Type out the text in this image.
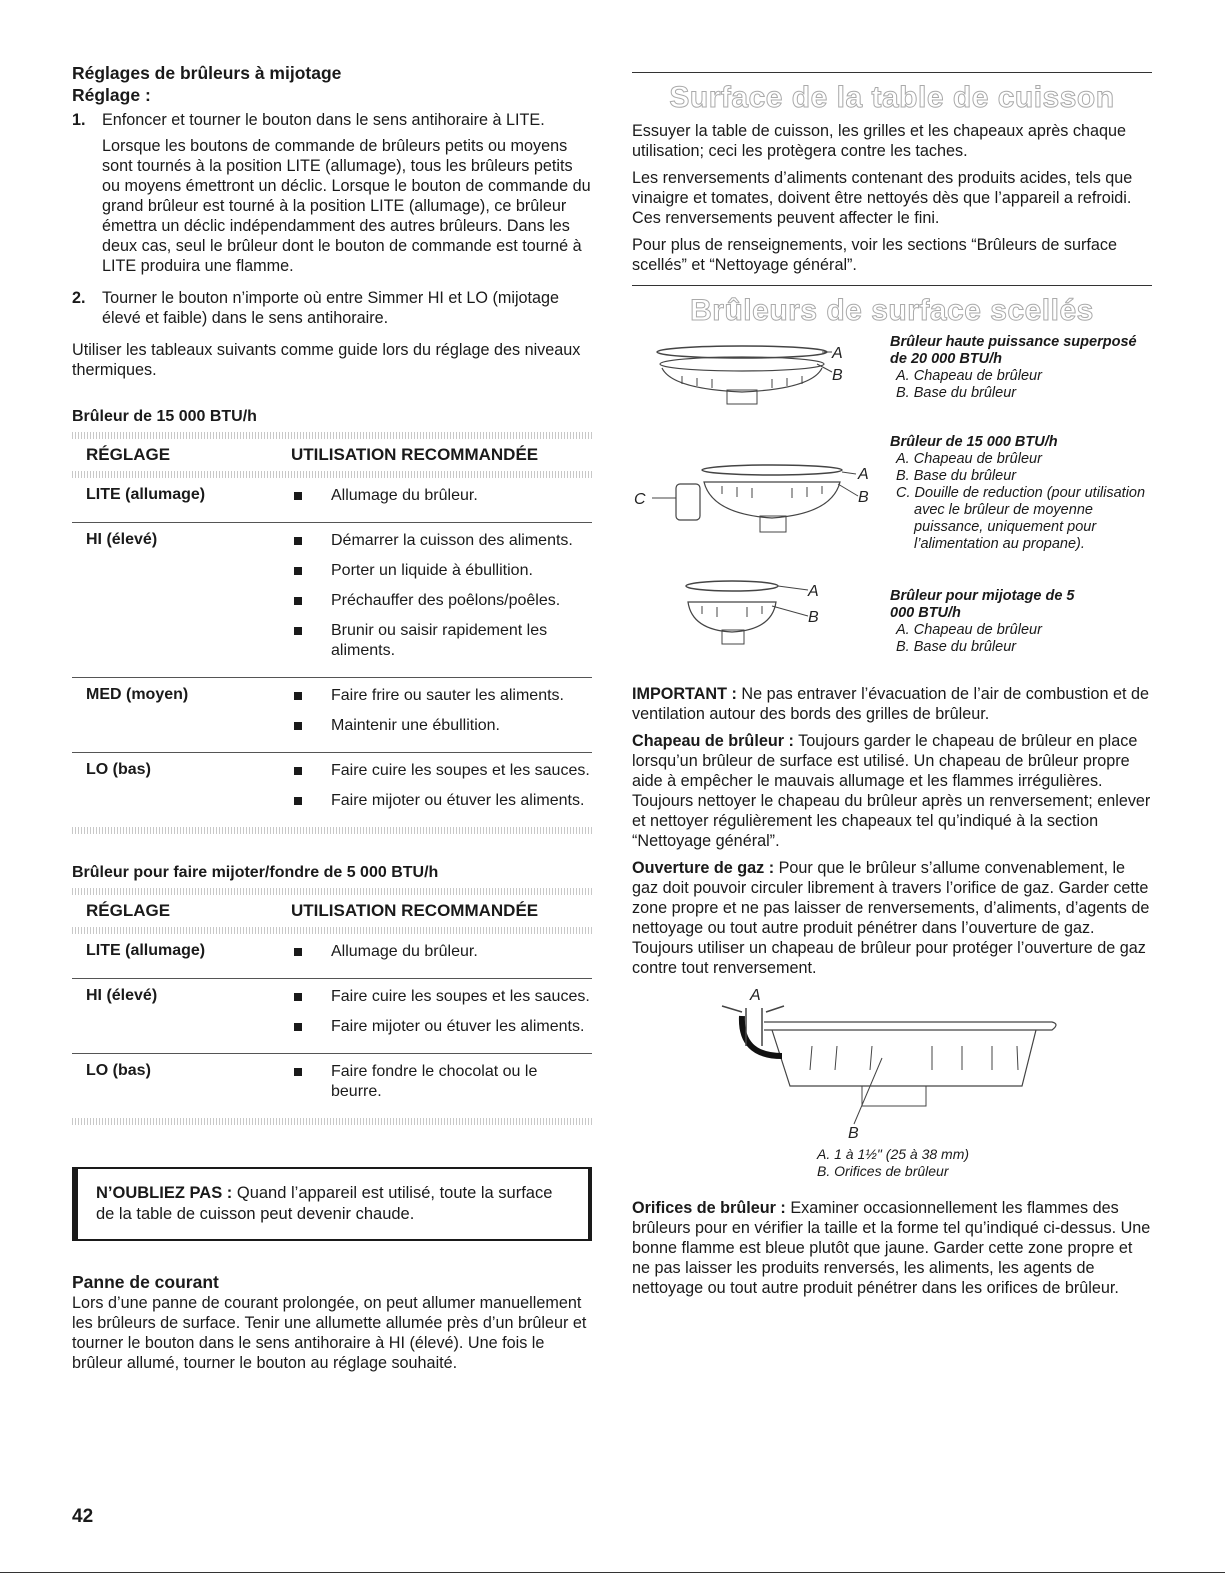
Réglages de brûleurs à mijotage
Réglage :
1.	Enfoncer et tourner le bouton dans le sens antihoraire à LITE.

Lorsque les boutons de commande de brûleurs petits ou moyens sont tournés à la position LITE (allumage), tous les brûleurs petits ou moyens émettront un déclic. Lorsque le bouton de commande du grand brûleur est tourné à la position LITE (allumage), ce brûleur émettra un déclic indépendamment des autres brûleurs. Dans les deux cas, seul le brûleur dont le bouton de commande est tourné à LITE produira une flamme.

2.	Tourner le bouton n’importe où entre Simmer HI et LO (mijotage élevé et faible) dans le sens antihoraire.

Utiliser les tableaux suivants comme guide lors du réglage des niveaux thermiques.

Brûleur de 15 000 BTU/h
RÉGLAGE	UTILISATION RECOMMANDÉE
LITE (allumage)	Allumage du brûleur.
HI (élevé)	Démarrer la cuisson des aliments.
Porter un liquide à ébullition.
Préchauffer des poêlons/poêles.
Brunir ou saisir rapidement les aliments.
MED (moyen)	Faire frire ou sauter les aliments.
Maintenir une ébullition.
LO (bas)	Faire cuire les soupes et les sauces.
Faire mijoter ou étuver les aliments.
Brûleur pour faire mijoter/fondre de 5 000 BTU/h
RÉGLAGE	UTILISATION RECOMMANDÉE
LITE (allumage)	Allumage du brûleur.
HI (élevé)	Faire cuire les soupes et les sauces.
Faire mijoter ou étuver les aliments.
LO (bas)	Faire fondre le chocolat ou le beurre.
N’OUBLIEZ PAS : Quand l’appareil est utilisé, toute la surface de la table de cuisson peut devenir chaude.
Panne de courant

Lors d’une panne de courant prolongée, on peut allumer manuellement les brûleurs de surface. Tenir une allumette allumée près d’un brûleur et tourner le bouton dans le sens antihoraire à HI (élevé). Une fois le brûleur allumé, tourner le bouton au réglage souhaité.

Surface de la table de cuisson

Essuyer la table de cuisson, les grilles et les chapeaux après chaque utilisation; ceci les protègera contre les taches.

Les renversements d’aliments contenant des produits acides, tels que vinaigre et tomates, doivent être nettoyés dès que l’appareil a refroidi. Ces renversements peuvent affecter le fini.

Pour plus de renseignements, voir les sections “Brûleurs de surface scellés” et “Nettoyage général”.

Brûleurs de surface scellés
A
B
A
B
C
A
B
Brûleur haute puissance superposé de 20 000 BTU/h
A. Chapeau de brûleur
B. Base du brûleur
Brûleur de 15 000 BTU/h
A. Chapeau de brûleur
B. Base du brûleur
C. Douille de reduction (pour utilisation avec le brûleur de moyenne puissance, uniquement pour l’alimentation au propane).
Brûleur pour mijotage de 5 000 BTU/h
A. Chapeau de brûleur
B. Base du brûleur

IMPORTANT : Ne pas entraver l’évacuation de l’air de combustion et de ventilation autour des bords des grilles de brûleur.

Chapeau de brûleur : Toujours garder le chapeau de brûleur en place lorsqu’un brûleur de surface est utilisé. Un chapeau de brûleur propre aide à empêcher le mauvais allumage et les flammes irrégulières. Toujours nettoyer le chapeau du brûleur après un renversement; enlever et nettoyer régulièrement les chapeaux tel qu’indiqué à la section “Nettoyage général”.

Ouverture de gaz : Pour que le brûleur s’allume convenablement, le gaz doit pouvoir circuler librement à travers l’orifice de gaz. Garder cette zone propre et ne pas laisser de renversements, d’aliments, d’agents de nettoyage ou tout autre produit pénétrer dans l’ouverture de gaz. Toujours utiliser un chapeau de brûleur pour protéger l’ouverture de gaz contre tout renversement.

A
B
A. 1 à 1½" (25 à 38 mm)
B. Orifices de brûleur

Orifices de brûleur : Examiner occasionnellement les flammes des brûleurs pour en vérifier la taille et la forme tel qu’indiqué ci-dessus. Une bonne flamme est bleue plutôt que jaune. Garder cette zone propre et ne pas laisser les produits renversés, les aliments, les agents de nettoyage ou tout autre produit pénétrer dans les orifices de brûleur.

42
